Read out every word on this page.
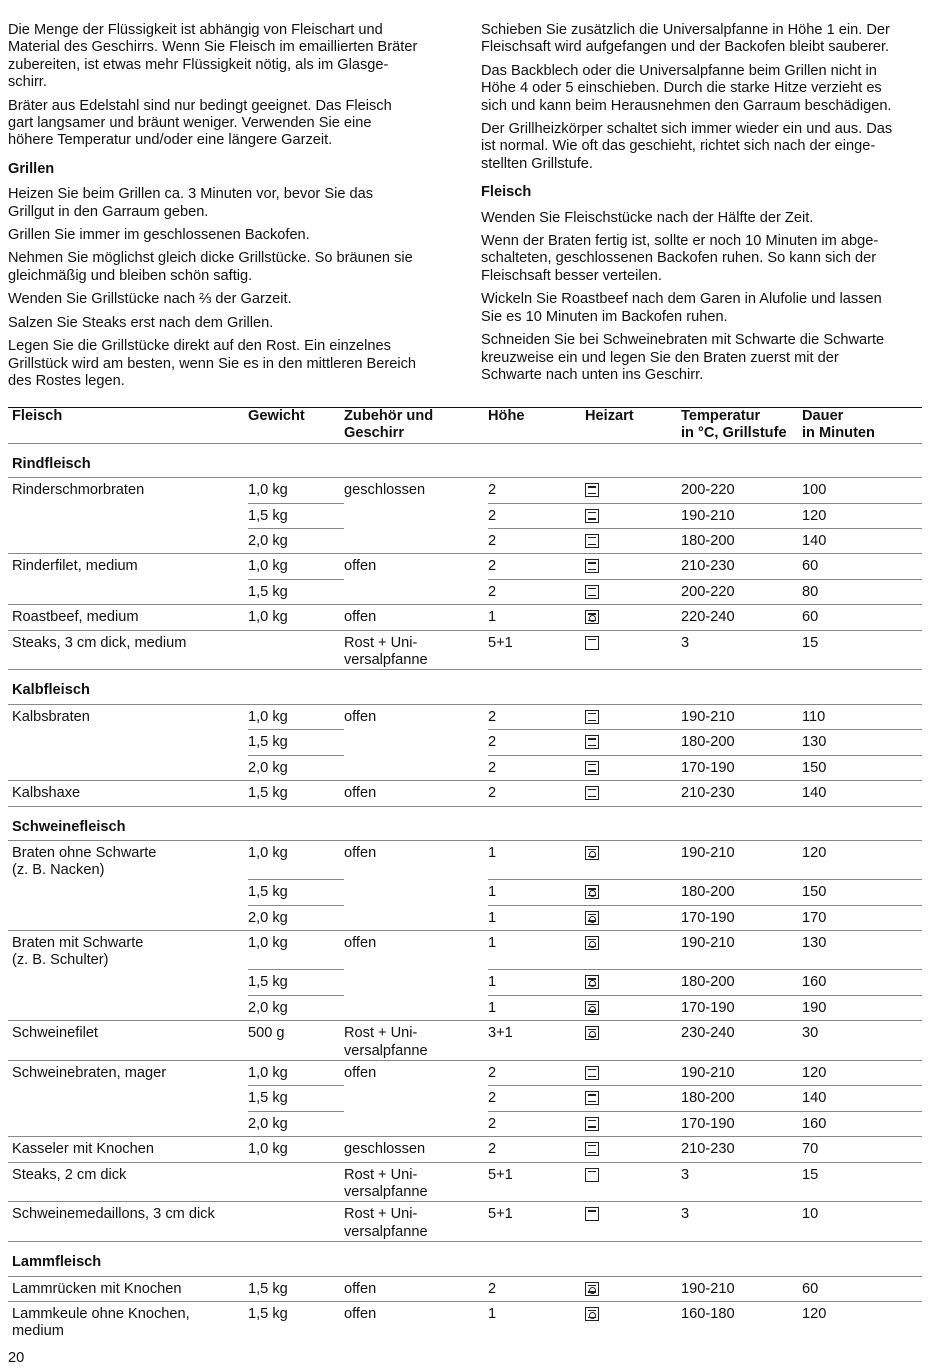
Die Menge der Flüssigkeit ist abhängig von Fleischart und
Material des Geschirrs. Wenn Sie Fleisch im emaillierten Bräter
zubereiten, ist etwas mehr Flüssigkeit nötig, als im Glasge-
schirr.

Bräter aus Edelstahl sind nur bedingt geeignet. Das Fleisch
gart langsamer und bräunt weniger. Verwenden Sie eine
höhere Temperatur und/oder eine längere Garzeit.

Grillen

Heizen Sie beim Grillen ca. 3 Minuten vor, bevor Sie das
Grillgut in den Garraum geben.

Grillen Sie immer im geschlossenen Backofen.

Nehmen Sie möglichst gleich dicke Grillstücke. So bräunen sie
gleichmäßig und bleiben schön saftig.

Wenden Sie Grillstücke nach ⅔ der Garzeit.

Salzen Sie Steaks erst nach dem Grillen.

Legen Sie die Grillstücke direkt auf den Rost. Ein einzelnes
Grillstück wird am besten, wenn Sie es in den mittleren Bereich
des Rostes legen.

Schieben Sie zusätzlich die Universalpfanne in Höhe 1 ein. Der
Fleischsaft wird aufgefangen und der Backofen bleibt sauberer.

Das Backblech oder die Universalpfanne beim Grillen nicht in
Höhe 4 oder 5 einschieben. Durch die starke Hitze verzieht es
sich und kann beim Herausnehmen den Garraum beschädigen.

Der Grillheizkörper schaltet sich immer wieder ein und aus. Das
ist normal. Wie oft das geschieht, richtet sich nach der einge-
stellten Grillstufe.

Fleisch

Wenden Sie Fleischstücke nach der Hälfte der Zeit.

Wenn der Braten fertig ist, sollte er noch 10 Minuten im abge-
schalteten, geschlossenen Backofen ruhen. So kann sich der
Fleischsaft besser verteilen.

Wickeln Sie Roastbeef nach dem Garen in Alufolie und lassen
Sie es 10 Minuten im Backofen ruhen.

Schneiden Sie bei Schweinebraten mit Schwarte die Schwarte
kreuzweise ein und legen Sie den Braten zuerst mit der
Schwarte nach unten ins Geschirr.

Fleisch	Gewicht	Zubehör und
Geschirr	Höhe	Heizart	Temperatur
in °C, Grillstufe	Dauer
in Minuten
Rindfleisch						
Rinderschmorbraten	1,0 kg	geschlossen	2		200-220	100
	1,5 kg		2		190-210	120
	2,0 kg		2		180-200	140
Rinderfilet, medium	1,0 kg	offen	2		210-230	60
	1,5 kg		2		200-220	80
Roastbeef, medium	1,0 kg	offen	1		220-240	60
Steaks, 3 cm dick, medium		Rost + Uni-
versalpfanne	5+1		3	15
Kalbfleisch						
Kalbsbraten	1,0 kg	offen	2		190-210	110
	1,5 kg		2		180-200	130
	2,0 kg		2		170-190	150
Kalbshaxe	1,5 kg	offen	2		210-230	140
Schweinefleisch						
Braten ohne Schwarte
(z. B. Nacken)	1,0 kg	offen	1		190-210	120
	1,5 kg		1		180-200	150
	2,0 kg		1		170-190	170
Braten mit Schwarte
(z. B. Schulter)	1,0 kg	offen	1		190-210	130
	1,5 kg		1		180-200	160
	2,0 kg		1		170-190	190
Schweinefilet	500 g	Rost + Uni-
versalpfanne	3+1		230-240	30
Schweinebraten, mager	1,0 kg	offen	2		190-210	120
	1,5 kg		2		180-200	140
	2,0 kg		2		170-190	160
Kasseler mit Knochen	1,0 kg	geschlossen	2		210-230	70
Steaks, 2 cm dick		Rost + Uni-
versalpfanne	5+1		3	15
Schweinemedaillons, 3 cm dick		Rost + Uni-
versalpfanne	5+1		3	10
Lammfleisch						
Lammrücken mit Knochen	1,5 kg	offen	2		190-210	60
Lammkeule ohne Knochen,
medium	1,5 kg	offen	1		160-180	120
20
